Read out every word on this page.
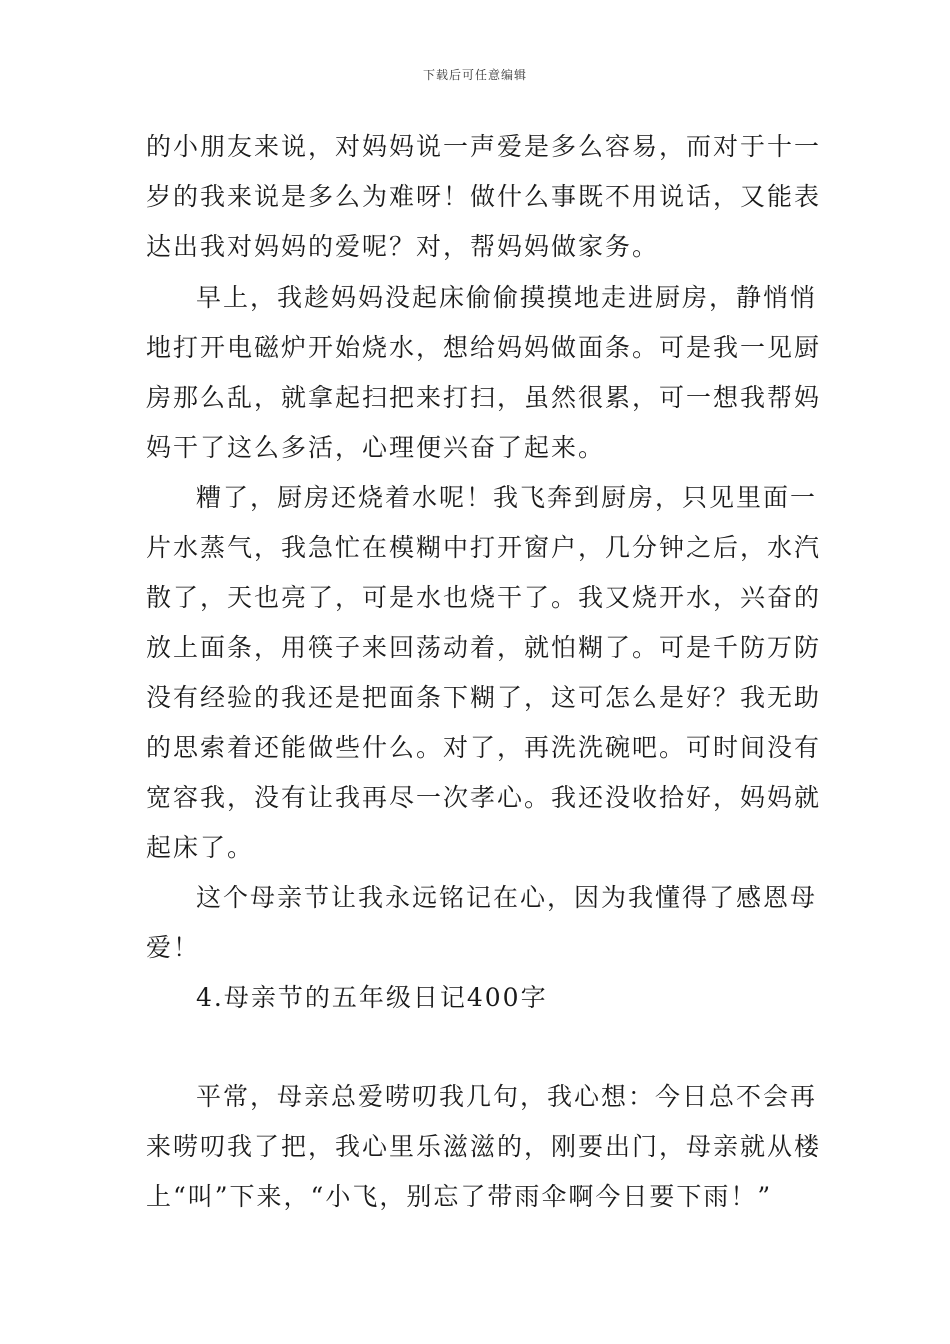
下载后可任意编辑
的小朋友来说，对妈妈说一声爱是多么容易，而对于十一
岁的我来说是多么为难呀！做什么事既不用说话，又能表
达出我对妈妈的爱呢？对，帮妈妈做家务。
早上，我趁妈妈没起床偷偷摸摸地走进厨房，静悄悄
地打开电磁炉开始烧水，想给妈妈做面条。可是我一见厨
房那么乱，就拿起扫把来打扫，虽然很累，可一想我帮妈
妈干了这么多活，心理便兴奋了起来。
糟了，厨房还烧着水呢！我飞奔到厨房，只见里面一
片水蒸气，我急忙在模糊中打开窗户，几分钟之后，水汽
散了，天也亮了，可是水也烧干了。我又烧开水，兴奋的
放上面条，用筷子来回荡动着，就怕糊了。可是千防万防
没有经验的我还是把面条下糊了，这可怎么是好？我无助
的思索着还能做些什么。对了，再洗洗碗吧。可时间没有
宽容我，没有让我再尽一次孝心。我还没收拾好，妈妈就
起床了。
这个母亲节让我永远铭记在心，因为我懂得了感恩母
爱！
4.母亲节的五年级日记400字
平常，母亲总爱唠叨我几句，我心想：今日总不会再
来唠叨我了把，我心里乐滋滋的，刚要出门，母亲就从楼
上“叫”下来，“小飞，别忘了带雨伞啊今日要下雨！”
